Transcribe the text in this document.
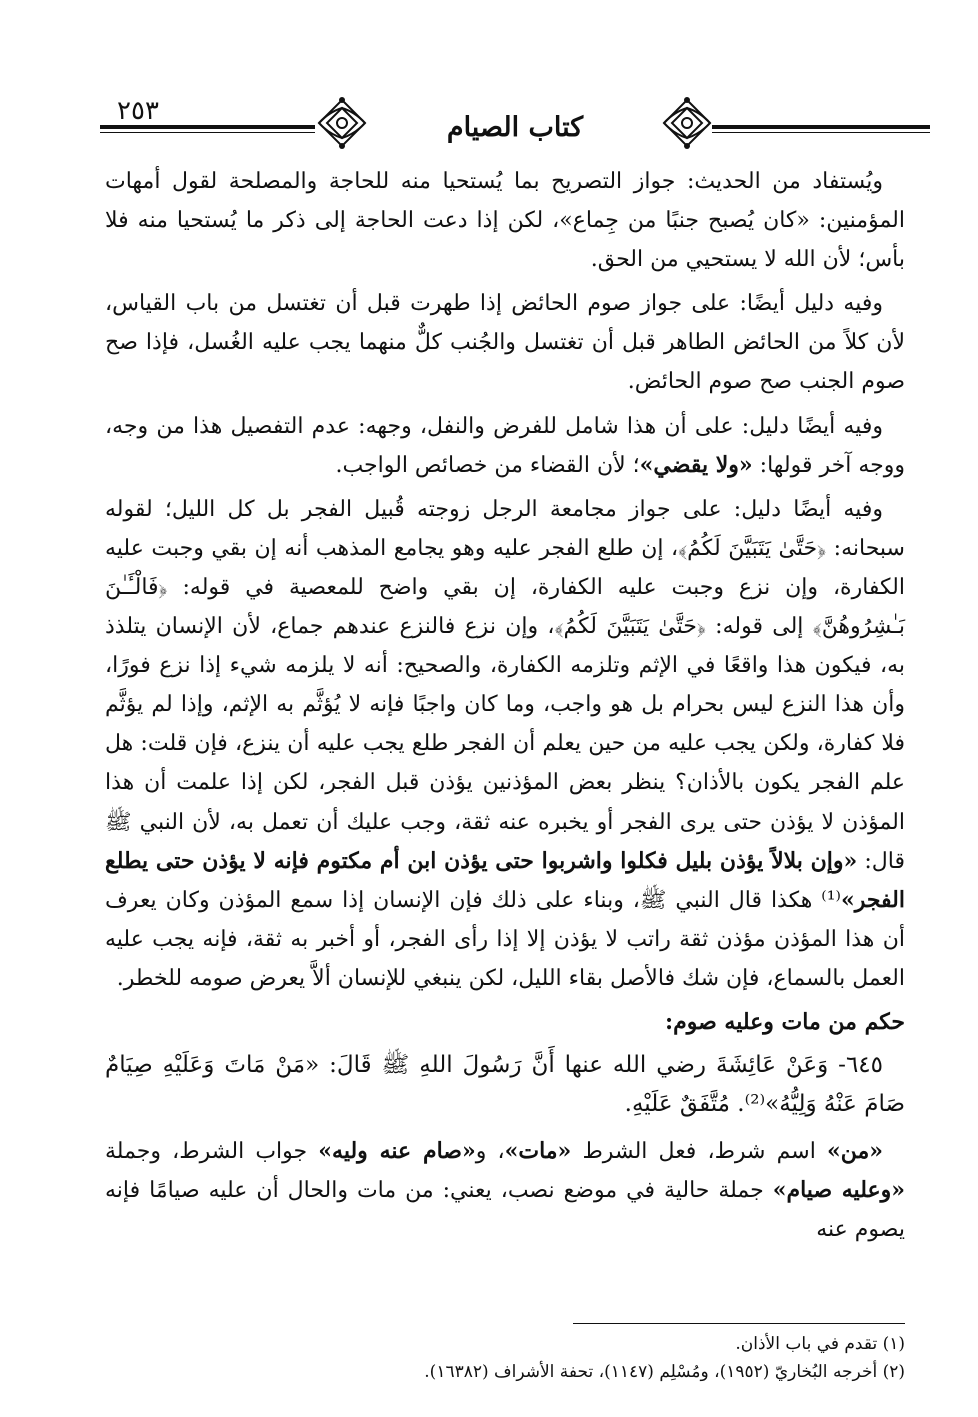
٢٥٣
كتاب الصيام

ويُستفاد من الحديث: جواز التصريح بما يُستحيا منه للحاجة والمصلحة لقول أمهات المؤمنين: «كان يُصبح جنبًا من جِماع»، لكن إذا دعت الحاجة إلى ذكر ما يُستحيا منه فلا بأس؛ لأن الله لا يستحيي من الحق.

وفيه دليل أيضًا: على جواز صوم الحائض إذا طهرت قبل أن تغتسل من باب القياس، لأن كلاً من الحائض الطاهر قبل أن تغتسل والجُنب كلٌّ منهما يجب عليه الغُسل، فإذا صح صوم الجنب صح صوم الحائض.

وفيه أيضًا دليل: على أن هذا شامل للفرض والنفل، وجهه: عدم التفصيل هذا من وجه، ووجه آخر قولها: «ولا يقضي»؛ لأن القضاء من خصائص الواجب.

وفيه أيضًا دليل: على جواز مجامعة الرجل زوجته قُبيل الفجر بل كل الليل؛ لقوله سبحانه: ﴿حَتَّىٰ يَتَبَيَّنَ لَكُمُ﴾، إن طلع الفجر عليه وهو يجامع المذهب أنه إن بقي وجبت عليه الكفارة، وإن نزع وجبت عليه الكفارة، إن بقي واضح للمعصية في قوله: ﴿فَالْـَٔـٰنَ بَـٰشِرُوهُنَّ﴾ إلى قوله: ﴿حَتَّىٰ يَتَبَيَّنَ لَكُمُ﴾، وإن نزع فالنزع عندهم جماع، لأن الإنسان يتلذذ به، فيكون هذا واقعًا في الإثم وتلزمه الكفارة، والصحيح: أنه لا يلزمه شيء إذا نزع فورًا، وأن هذا النزع ليس بحرام بل هو واجب، وما كان واجبًا فإنه لا يُؤثَّم به الإثم، وإذا لم يؤثَّم فلا كفارة، ولكن يجب عليه من حين يعلم أن الفجر طلع يجب عليه أن ينزع، فإن قلت: هل علم الفجر يكون بالأذان؟ ينظر بعض المؤذنين يؤذن قبل الفجر، لكن إذا علمت أن هذا المؤذن لا يؤذن حتى يرى الفجر أو يخبره عنه ثقة، وجب عليك أن تعمل به، لأن النبي ﷺ قال: «وإن بلالاً يؤذن بليل فكلوا واشربوا حتى يؤذن ابن أم مكتوم فإنه لا يؤذن حتى يطلع الفجر»⁽¹⁾ هكذا قال النبي ﷺ، وبناء على ذلك فإن الإنسان إذا سمع المؤذن وكان يعرف أن هذا المؤذن مؤذن ثقة راتب لا يؤذن إلا إذا رأى الفجر، أو أخبر به ثقة، فإنه يجب عليه العمل بالسماع، فإن شك فالأصل بقاء الليل، لكن ينبغي للإنسان ألاَّ يعرض صومه للخطر.

حكم من مات وعليه صوم:

٦٤٥- وَعَنْ عَائِشَةَ رضي الله عنها أَنَّ رَسُولَ اللهِ ﷺ قَالَ: «مَنْ مَاتَ وَعَلَيْهِ صِيَامٌ صَامَ عَنْهُ وَلِيُّهُ»⁽²⁾. مُتَّفَقٌ عَلَيْهِ.

«من» اسم شرط، فعل الشرط «مات»، و«صام عنه وليه» جواب الشرط، وجملة «وعليه صيام» جملة حالية في موضع نصب، يعني: من مات والحال أن عليه صيامًا فإنه يصوم عنه

(١) تقدم في باب الأذان.

(٢) أخرجه البُخاريّ (١٩٥٢)، ومُسْلِم (١١٤٧)، تحفة الأشراف (١٦٣٨٢).
